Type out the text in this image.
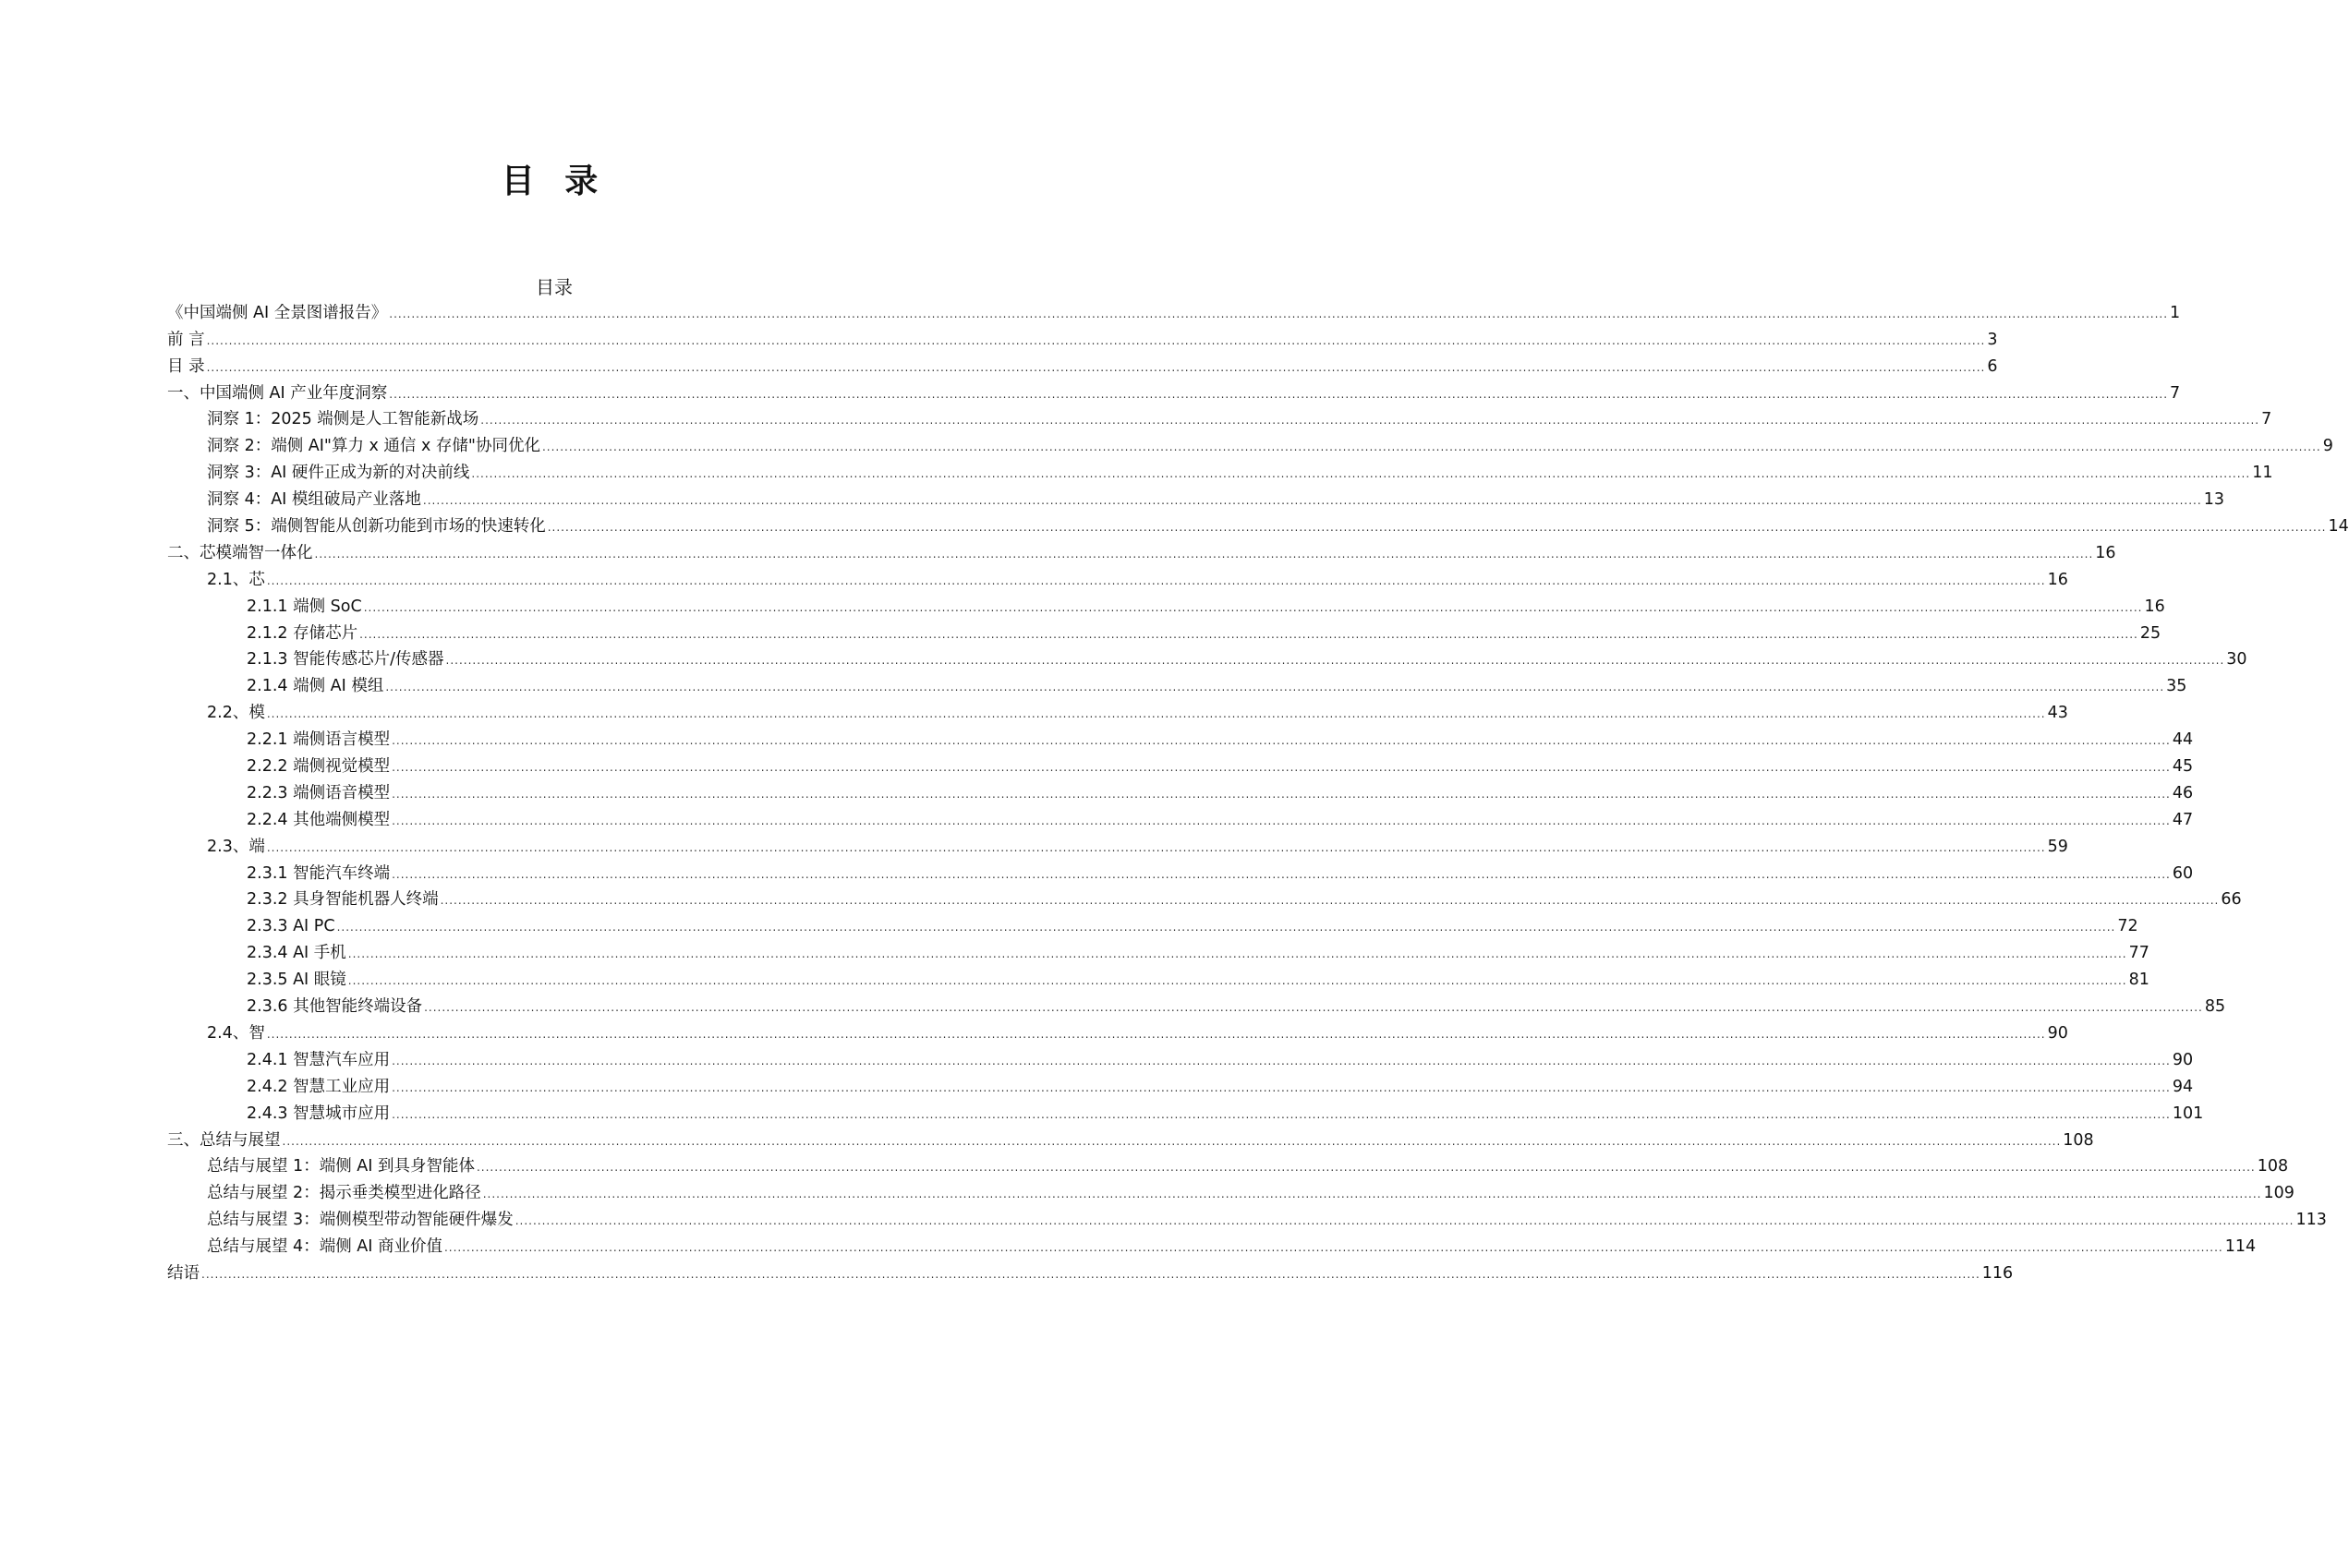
目 录
目录
《中国端侧 AI 全景图谱报告》 ................................................................................................................................................................................................................................................................................................................................................................................................................ 1
前 言 ................................................................................................................................................................................................................................................................................................................................................................................................................ 3
目 录 ................................................................................................................................................................................................................................................................................................................................................................................................................ 6
一、中国端侧 AI 产业年度洞察 ................................................................................................................................................................................................................................................................................................................................................................................................................ 7
洞察 1：2025 端侧是人工智能新战场 ................................................................................................................................................................................................................................................................................................................................................................................................................ 7
洞察 2：端侧 AI"算力 x 通信 x 存储"协同优化 ................................................................................................................................................................................................................................................................................................................................................................................................................ 9
洞察 3：AI 硬件正成为新的对决前线 ................................................................................................................................................................................................................................................................................................................................................................................................................ 11
洞察 4：AI 模组破局产业落地 ................................................................................................................................................................................................................................................................................................................................................................................................................ 13
洞察 5：端侧智能从创新功能到市场的快速转化 ................................................................................................................................................................................................................................................................................................................................................................................................................ 14
二、芯模端智一体化 ................................................................................................................................................................................................................................................................................................................................................................................................................ 16
2.1、芯 ................................................................................................................................................................................................................................................................................................................................................................................................................ 16
2.1.1 端侧 SoC ................................................................................................................................................................................................................................................................................................................................................................................................................ 16
2.1.2 存储芯片 ................................................................................................................................................................................................................................................................................................................................................................................................................ 25
2.1.3 智能传感芯片/传感器 ................................................................................................................................................................................................................................................................................................................................................................................................................ 30
2.1.4 端侧 AI 模组 ................................................................................................................................................................................................................................................................................................................................................................................................................ 35
2.2、模 ................................................................................................................................................................................................................................................................................................................................................................................................................ 43
2.2.1 端侧语言模型 ................................................................................................................................................................................................................................................................................................................................................................................................................ 44
2.2.2 端侧视觉模型 ................................................................................................................................................................................................................................................................................................................................................................................................................ 45
2.2.3 端侧语音模型 ................................................................................................................................................................................................................................................................................................................................................................................................................ 46
2.2.4 其他端侧模型 ................................................................................................................................................................................................................................................................................................................................................................................................................ 47
2.3、端 ................................................................................................................................................................................................................................................................................................................................................................................................................ 59
2.3.1 智能汽车终端 ................................................................................................................................................................................................................................................................................................................................................................................................................ 60
2.3.2 具身智能机器人终端 ................................................................................................................................................................................................................................................................................................................................................................................................................ 66
2.3.3 AI PC ................................................................................................................................................................................................................................................................................................................................................................................................................ 72
2.3.4 AI 手机 ................................................................................................................................................................................................................................................................................................................................................................................................................ 77
2.3.5 AI 眼镜 ................................................................................................................................................................................................................................................................................................................................................................................................................ 81
2.3.6 其他智能终端设备 ................................................................................................................................................................................................................................................................................................................................................................................................................ 85
2.4、智 ................................................................................................................................................................................................................................................................................................................................................................................................................ 90
2.4.1 智慧汽车应用 ................................................................................................................................................................................................................................................................................................................................................................................................................ 90
2.4.2 智慧工业应用 ................................................................................................................................................................................................................................................................................................................................................................................................................ 94
2.4.3 智慧城市应用 ................................................................................................................................................................................................................................................................................................................................................................................................................ 101
三、总结与展望 ................................................................................................................................................................................................................................................................................................................................................................................................................ 108
总结与展望 1：端侧 AI 到具身智能体 ................................................................................................................................................................................................................................................................................................................................................................................................................ 108
总结与展望 2：揭示垂类模型进化路径 ................................................................................................................................................................................................................................................................................................................................................................................................................ 109
总结与展望 3：端侧模型带动智能硬件爆发 ................................................................................................................................................................................................................................................................................................................................................................................................................ 113
总结与展望 4：端侧 AI 商业价值 ................................................................................................................................................................................................................................................................................................................................................................................................................ 114
结语 ................................................................................................................................................................................................................................................................................................................................................................................................................ 116
